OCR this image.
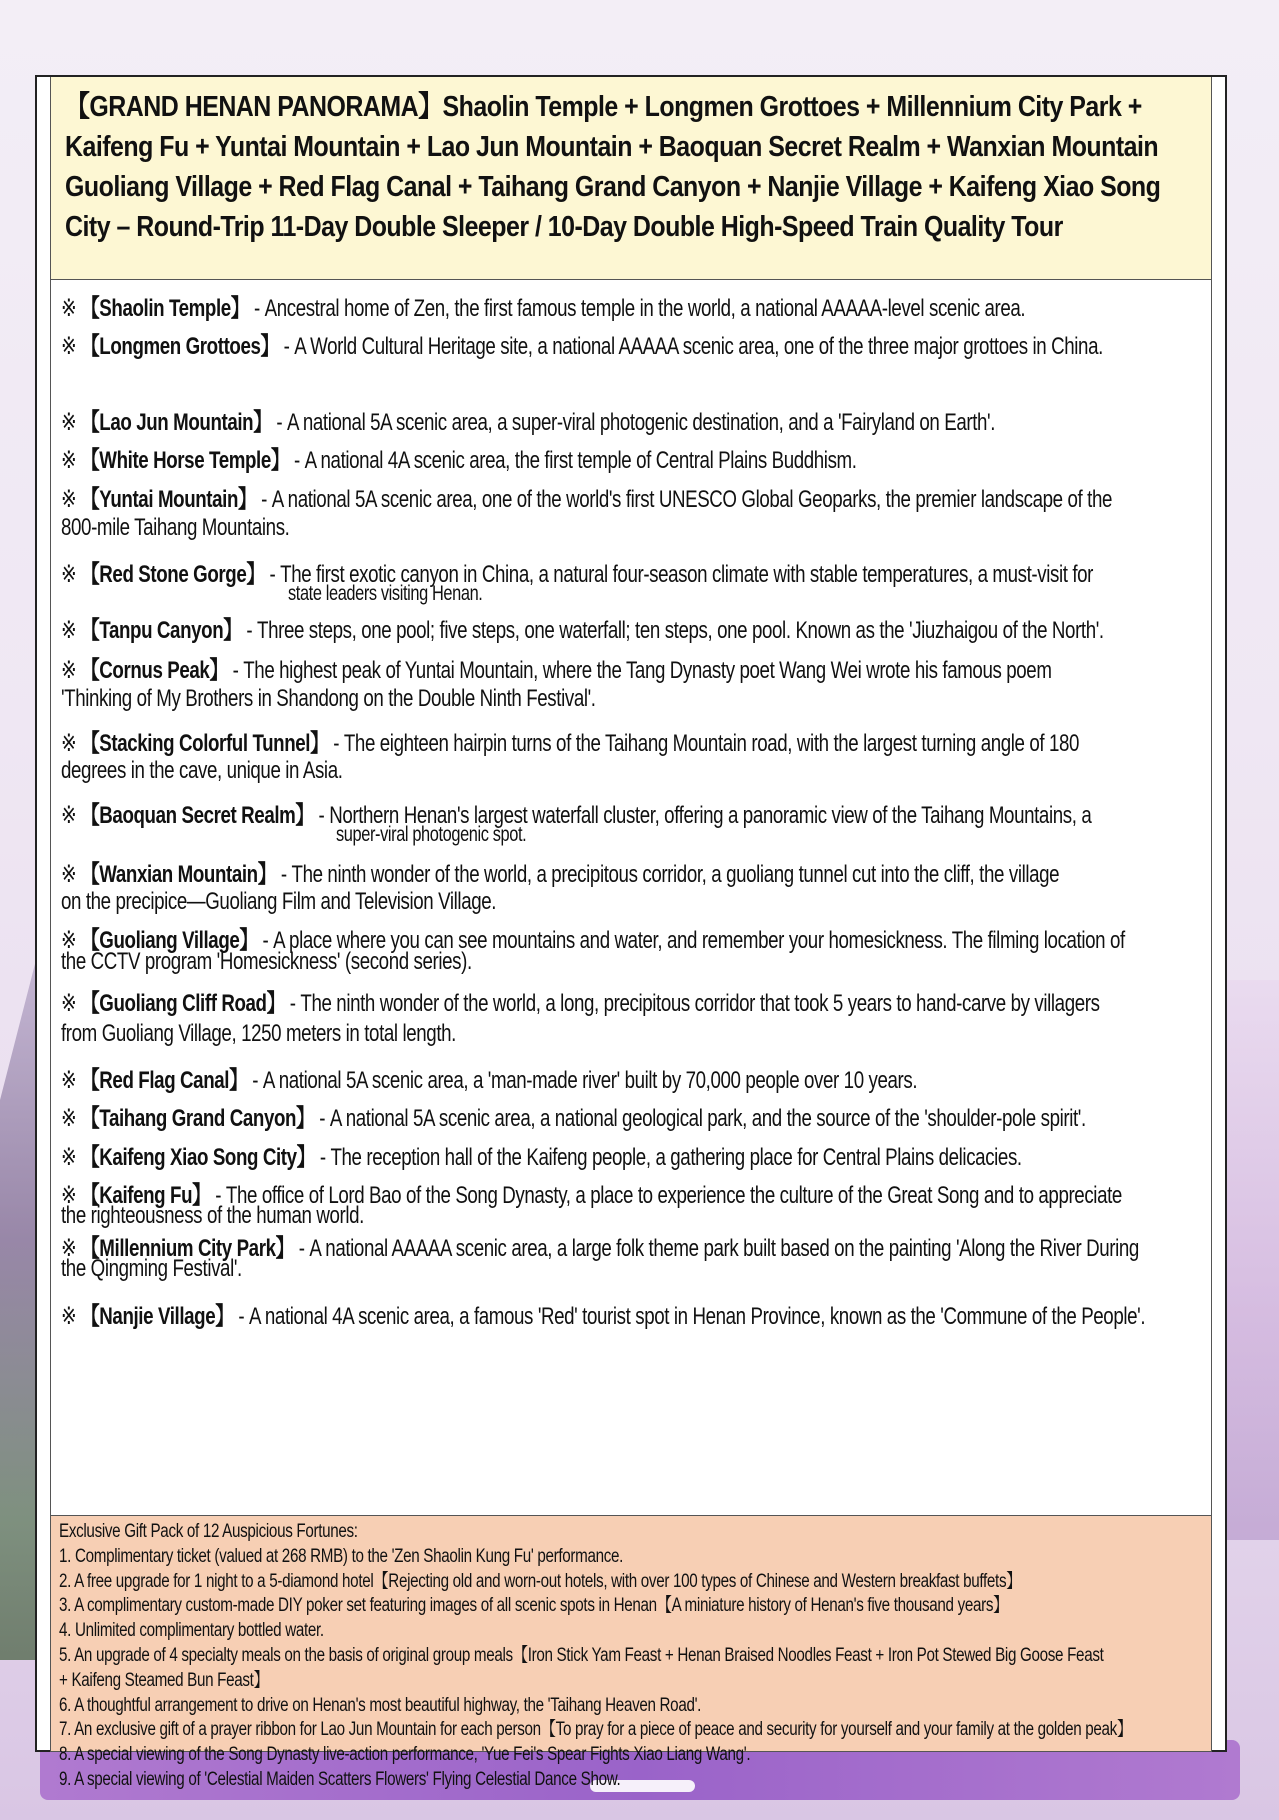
【GRAND HENAN PANORAMA】Shaolin Temple + Longmen Grottoes + Millennium City Park +
Kaifeng Fu + Yuntai Mountain + Lao Jun Mountain + Baoquan Secret Realm + Wanxian Mountain
Guoliang Village + Red Flag Canal + Taihang Grand Canyon + Nanjie Village + Kaifeng Xiao Song
City – Round-Trip 11-Day Double Sleeper / 10-Day Double High-Speed Train Quality Tour
※ 【Shaolin Temple】 - Ancestral home of Zen, the first famous temple in the world, a national AAAAA-level scenic area.
※ 【Longmen Grottoes】 - A World Cultural Heritage site, a national AAAAA scenic area, one of the three major grottoes in China.
※ 【Lao Jun Mountain】 - A national 5A scenic area, a super-viral photogenic destination, and a 'Fairyland on Earth'.
※ 【White Horse Temple】 - A national 4A scenic area, the first temple of Central Plains Buddhism.
※ 【Yuntai Mountain】 - A national 5A scenic area, one of the world's first UNESCO Global Geoparks, the premier landscape of the
800-mile Taihang Mountains.
※ 【Red Stone Gorge】 - The first exotic canyon in China, a natural four-season climate with stable temperatures, a must-visit for
state leaders visiting Henan.
※ 【Tanpu Canyon】 - Three steps, one pool; five steps, one waterfall; ten steps, one pool. Known as the 'Jiuzhaigou of the North'.
※ 【Cornus Peak】 - The highest peak of Yuntai Mountain, where the Tang Dynasty poet Wang Wei wrote his famous poem
'Thinking of My Brothers in Shandong on the Double Ninth Festival'.
※ 【Stacking Colorful Tunnel】 - The eighteen hairpin turns of the Taihang Mountain road, with the largest turning angle of 180
degrees in the cave, unique in Asia.
※ 【Baoquan Secret Realm】 - Northern Henan's largest waterfall cluster, offering a panoramic view of the Taihang Mountains, a
super-viral photogenic spot.
※ 【Wanxian Mountain】 - The ninth wonder of the world, a precipitous corridor, a guoliang tunnel cut into the cliff, the village
on the precipice—Guoliang Film and Television Village.
※ 【Guoliang Village】 - A place where you can see mountains and water, and remember your homesickness. The filming location of
the CCTV program 'Homesickness' (second series).
※ 【Guoliang Cliff Road】 - The ninth wonder of the world, a long, precipitous corridor that took 5 years to hand-carve by villagers
from Guoliang Village, 1250 meters in total length.
※ 【Red Flag Canal】 - A national 5A scenic area, a 'man-made river' built by 70,000 people over 10 years.
※ 【Taihang Grand Canyon】 - A national 5A scenic area, a national geological park, and the source of the 'shoulder-pole spirit'.
※ 【Kaifeng Xiao Song City】 - The reception hall of the Kaifeng people, a gathering place for Central Plains delicacies.
※ 【Kaifeng Fu】 - The office of Lord Bao of the Song Dynasty, a place to experience the culture of the Great Song and to appreciate
the righteousness of the human world.
※ 【Millennium City Park】 - A national AAAAA scenic area, a large folk theme park built based on the painting 'Along the River During
the Qingming Festival'.
※ 【Nanjie Village】 - A national 4A scenic area, a famous 'Red' tourist spot in Henan Province, known as the 'Commune of the People'.
Exclusive Gift Pack of 12 Auspicious Fortunes:
1. Complimentary ticket (valued at 268 RMB) to the 'Zen Shaolin Kung Fu' performance.
2. A free upgrade for 1 night to a 5-diamond hotel【Rejecting old and worn-out hotels, with over 100 types of Chinese and Western breakfast buffets】
3. A complimentary custom-made DIY poker set featuring images of all scenic spots in Henan【A miniature history of Henan's five thousand years】
4. Unlimited complimentary bottled water.
5. An upgrade of 4 specialty meals on the basis of original group meals【Iron Stick Yam Feast + Henan Braised Noodles Feast + Iron Pot Stewed Big Goose Feast
+ Kaifeng Steamed Bun Feast】
6. A thoughtful arrangement to drive on Henan's most beautiful highway, the 'Taihang Heaven Road'.
7. An exclusive gift of a prayer ribbon for Lao Jun Mountain for each person【To pray for a piece of peace and security for yourself and your family at the golden peak】
8. A special viewing of the Song Dynasty live-action performance, 'Yue Fei's Spear Fights Xiao Liang Wang'.
9. A special viewing of 'Celestial Maiden Scatters Flowers' Flying Celestial Dance Show.
